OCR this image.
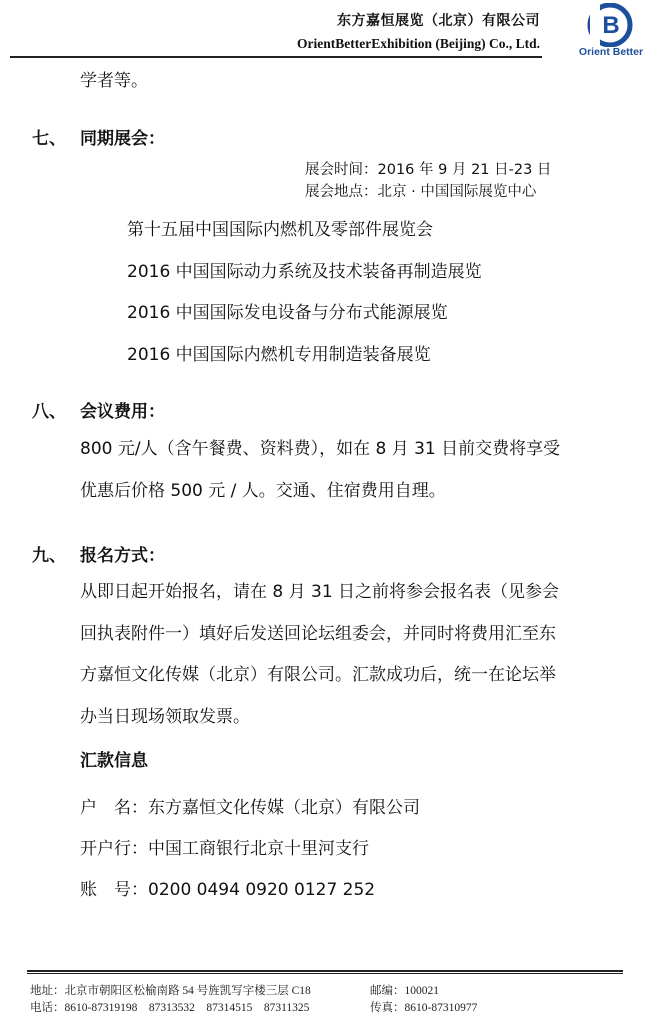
东方嘉恒展览（北京）有限公司
OrientBetterExhibition (Beijing) Co., Ltd.
B
Orient Better
学者等。
七、 同期展会：
展会时间：2016 年 9 月 21 日-23 日
展会地点：北京 · 中国国际展览中心
第十五届中国国际内燃机及零部件展览会
2016 中国国际动力系统及技术装备再制造展览
2016 中国国际发电设备与分布式能源展览
2016 中国国际内燃机专用制造装备展览
八、 会议费用：
800 元/人（含午餐费、资料费），如在 8 月 31 日前交费将享受
优惠后价格 500 元 / 人。交通、住宿费用自理。
九、 报名方式：
从即日起开始报名，请在 8 月 31 日之前将参会报名表（见参会
回执表附件一）填好后发送回论坛组委会，并同时将费用汇至东
方嘉恒文化传媒（北京）有限公司。汇款成功后，统一在论坛举
办当日现场领取发票。
汇款信息
户　名：东方嘉恒文化传媒（北京）有限公司
开户行：中国工商银行北京十里河支行
账　号：0200 0494 0920 0127 252
地址：北京市朝阳区松榆南路 54 号旌凯写字楼三层 C18	邮编：100021
电话：8610-87319198　87313532　87314515　87311325	传真：8610-87310977
